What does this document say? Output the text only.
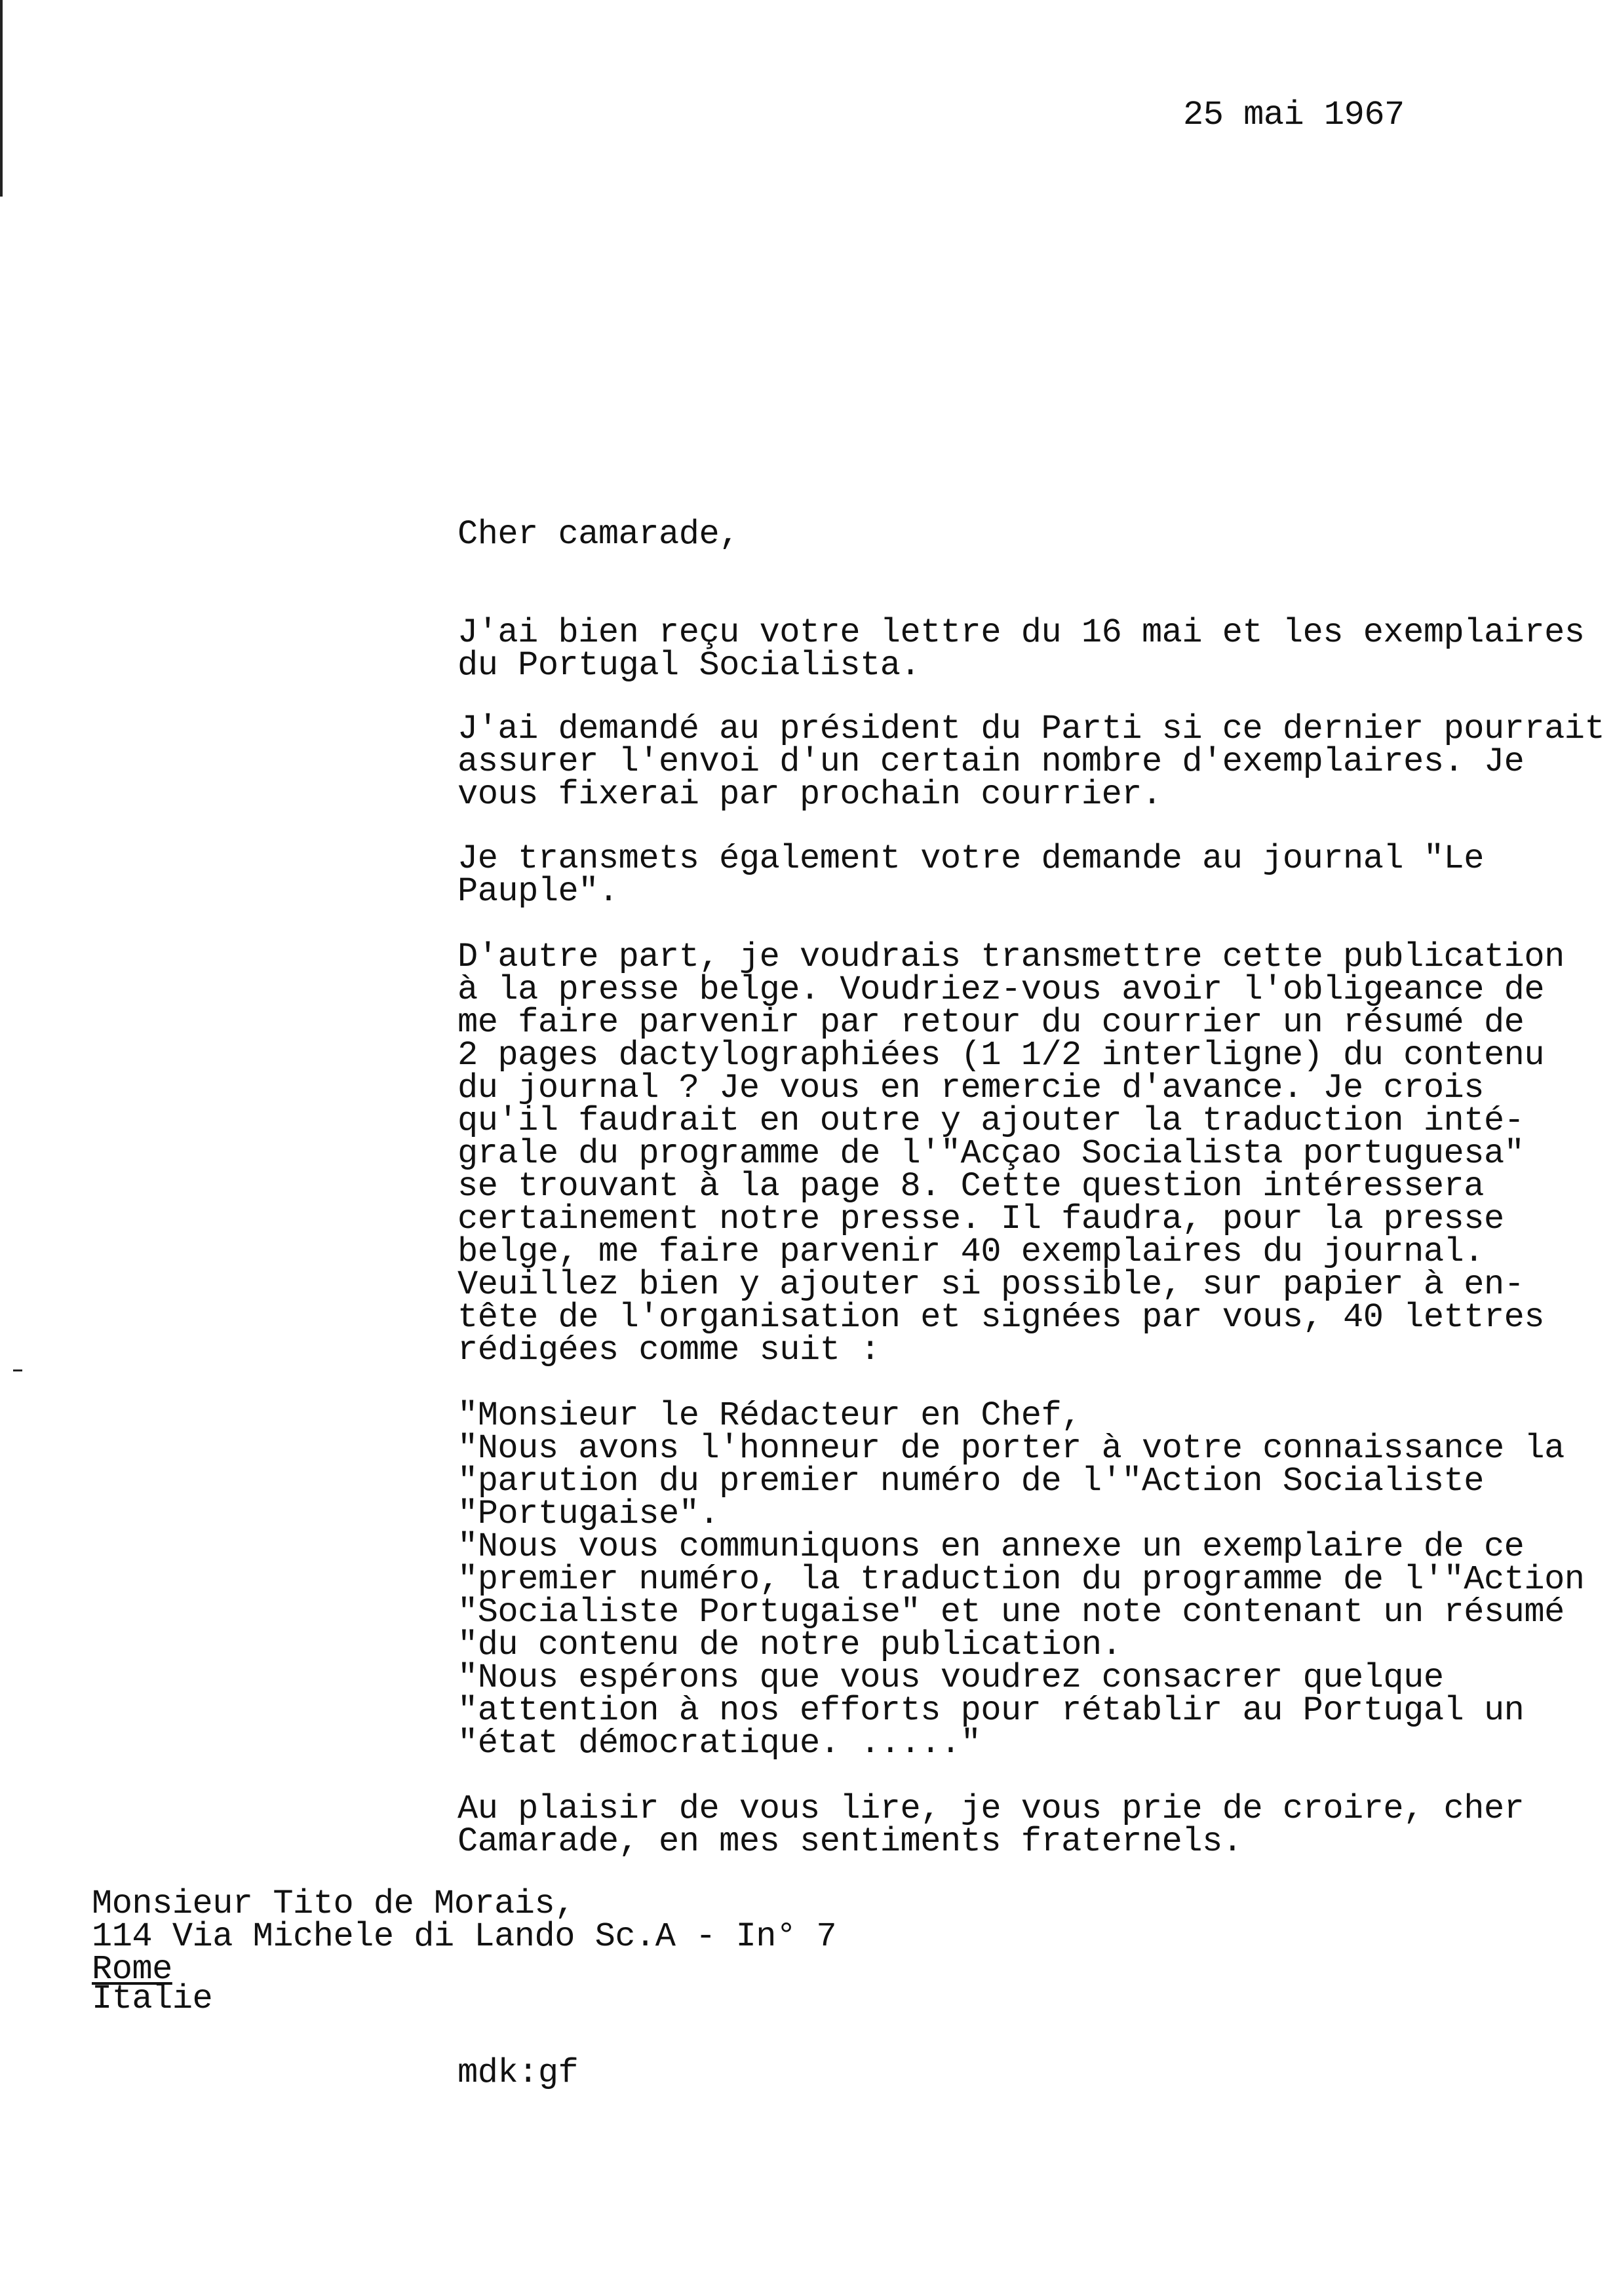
25 mai 1967
Cher camarade,
J'ai bien reçu votre lettre du 16 mai et les exemplaires
du Portugal Socialista.
J'ai demandé au président du Parti si ce dernier pourrait
assurer l'envoi d'un certain nombre d'exemplaires. Je
vous fixerai par prochain courrier.
Je transmets également votre demande au journal "Le
Pauple".
D'autre part, je voudrais transmettre cette publication
à la presse belge. Voudriez-vous avoir l'obligeance de
me faire parvenir par retour du courrier un résumé de
2 pages dactylographiées (1 1/2 interligne) du contenu
du journal ? Je vous en remercie d'avance. Je crois
qu'il faudrait en outre y ajouter la traduction inté-
grale du programme de l'"Acçao Socialista portuguesa"
se trouvant à la page 8. Cette question intéressera
certainement notre presse. Il faudra, pour la presse
belge, me faire parvenir 40 exemplaires du journal.
Veuillez bien y ajouter si possible, sur papier à en-
tête de l'organisation et signées par vous, 40 lettres
rédigées comme suit :
"Monsieur le Rédacteur en Chef,
"Nous avons l'honneur de porter à votre connaissance la
"parution du premier numéro de l'"Action Socialiste
"Portugaise".
"Nous vous communiquons en annexe un exemplaire de ce
"premier numéro, la traduction du programme de l'"Action
"Socialiste Portugaise" et une note contenant un résumé
"du contenu de notre publication.
"Nous espérons que vous voudrez consacrer quelque
"attention à nos efforts pour rétablir au Portugal un
"état démocratique. ....."
Au plaisir de vous lire, je vous prie de croire, cher
Camarade, en mes sentiments fraternels.
Monsieur Tito de Morais,
114 Via Michele di Lando Sc.A - In° 7
Rome
Italie
mdk:gf
